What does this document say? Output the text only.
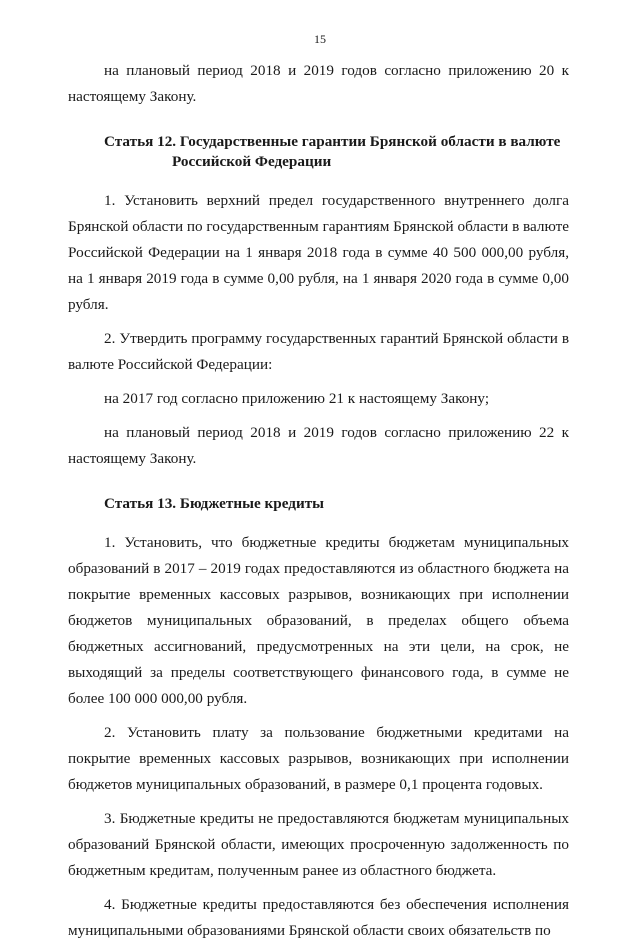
15

на плановый период 2018 и 2019 годов согласно приложению 20 к настоящему Закону.

Статья 12. Государственные гарантии Брянской области в валюте
Российской Федерации

1. Установить верхний предел государственного внутреннего долга Брянской области по государственным гарантиям Брянской области в валюте Российской Федерации на 1 января 2018 года в сумме 40 500 000,00 рубля, на 1 января 2019 года в сумме 0,00 рубля, на 1 января 2020 года в сумме 0,00 рубля.

2. Утвердить программу государственных гарантий Брянской области в валюте Российской Федерации:

на 2017 год согласно приложению 21 к настоящему Закону;

на плановый период 2018 и 2019 годов согласно приложению 22 к настоящему Закону.

Статья 13. Бюджетные кредиты

1. Установить, что бюджетные кредиты бюджетам муниципальных образований в 2017 – 2019 годах предоставляются из областного бюджета на покрытие временных кассовых разрывов, возникающих при исполнении бюджетов муниципальных образований, в пределах общего объема бюджетных ассигнований, предусмотренных на эти цели, на срок, не выходящий за пределы соответствующего финансового года, в сумме не более 100 000 000,00 рубля.

2. Установить плату за пользование бюджетными кредитами на покрытие временных кассовых разрывов, возникающих при исполнении бюджетов муниципальных образований, в размере 0,1 процента годовых.

3. Бюджетные кредиты не предоставляются бюджетам муниципальных образований Брянской области, имеющих просроченную задолженность по бюджетным кредитам, полученным ранее из областного бюджета.

4. Бюджетные кредиты предоставляются без обеспечения исполнения муниципальными образованиями Брянской области своих обязательств по
